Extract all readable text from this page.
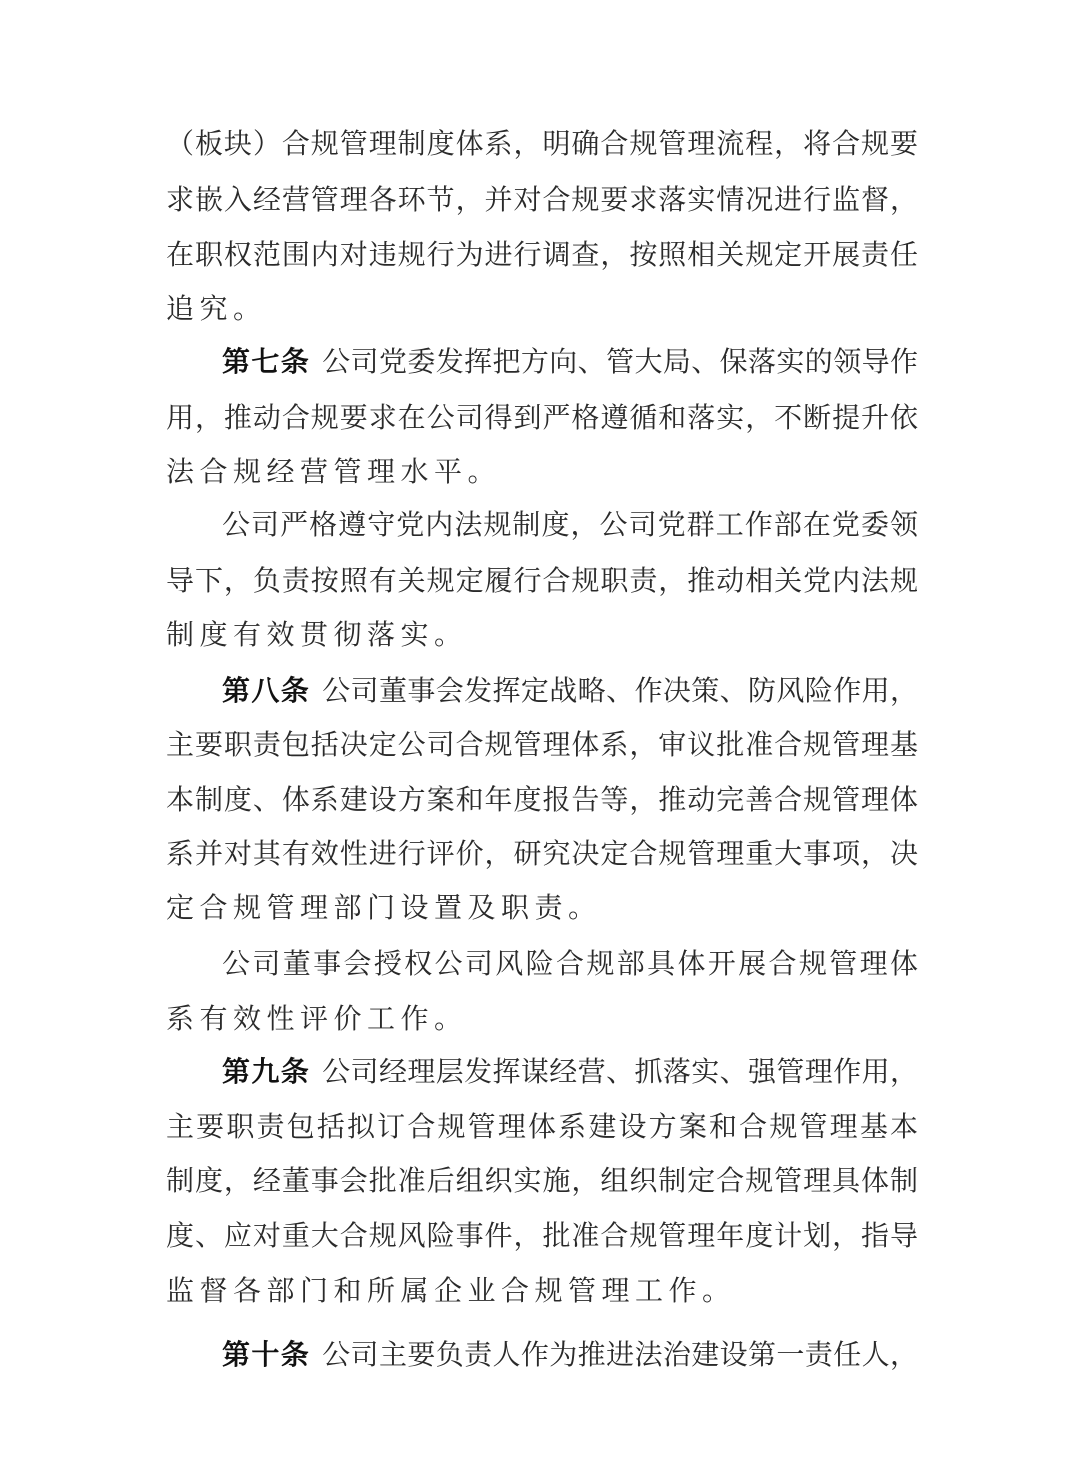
（板块）合规管理制度体系，明确合规管理流程，将合规要
求嵌入经营管理各环节，并对合规要求落实情况进行监督，
在职权范围内对违规行为进行调查，按照相关规定开展责任
追究。
第七条 公司党委发挥把方向、管大局、保落实的领导作
用，推动合规要求在公司得到严格遵循和落实，不断提升依
法合规经营管理水平。
公司严格遵守党内法规制度，公司党群工作部在党委领
导下，负责按照有关规定履行合规职责，推动相关党内法规
制度有效贯彻落实。
第八条 公司董事会发挥定战略、作决策、防风险作用，
主要职责包括决定公司合规管理体系，审议批准合规管理基
本制度、体系建设方案和年度报告等，推动完善合规管理体
系并对其有效性进行评价，研究决定合规管理重大事项，决
定合规管理部门设置及职责。
公司董事会授权公司风险合规部具体开展合规管理体
系有效性评价工作。
第九条 公司经理层发挥谋经营、抓落实、强管理作用，
主要职责包括拟订合规管理体系建设方案和合规管理基本
制度，经董事会批准后组织实施，组织制定合规管理具体制
度、应对重大合规风险事件，批准合规管理年度计划，指导
监督各部门和所属企业合规管理工作。
第十条 公司主要负责人作为推进法治建设第一责任人，
